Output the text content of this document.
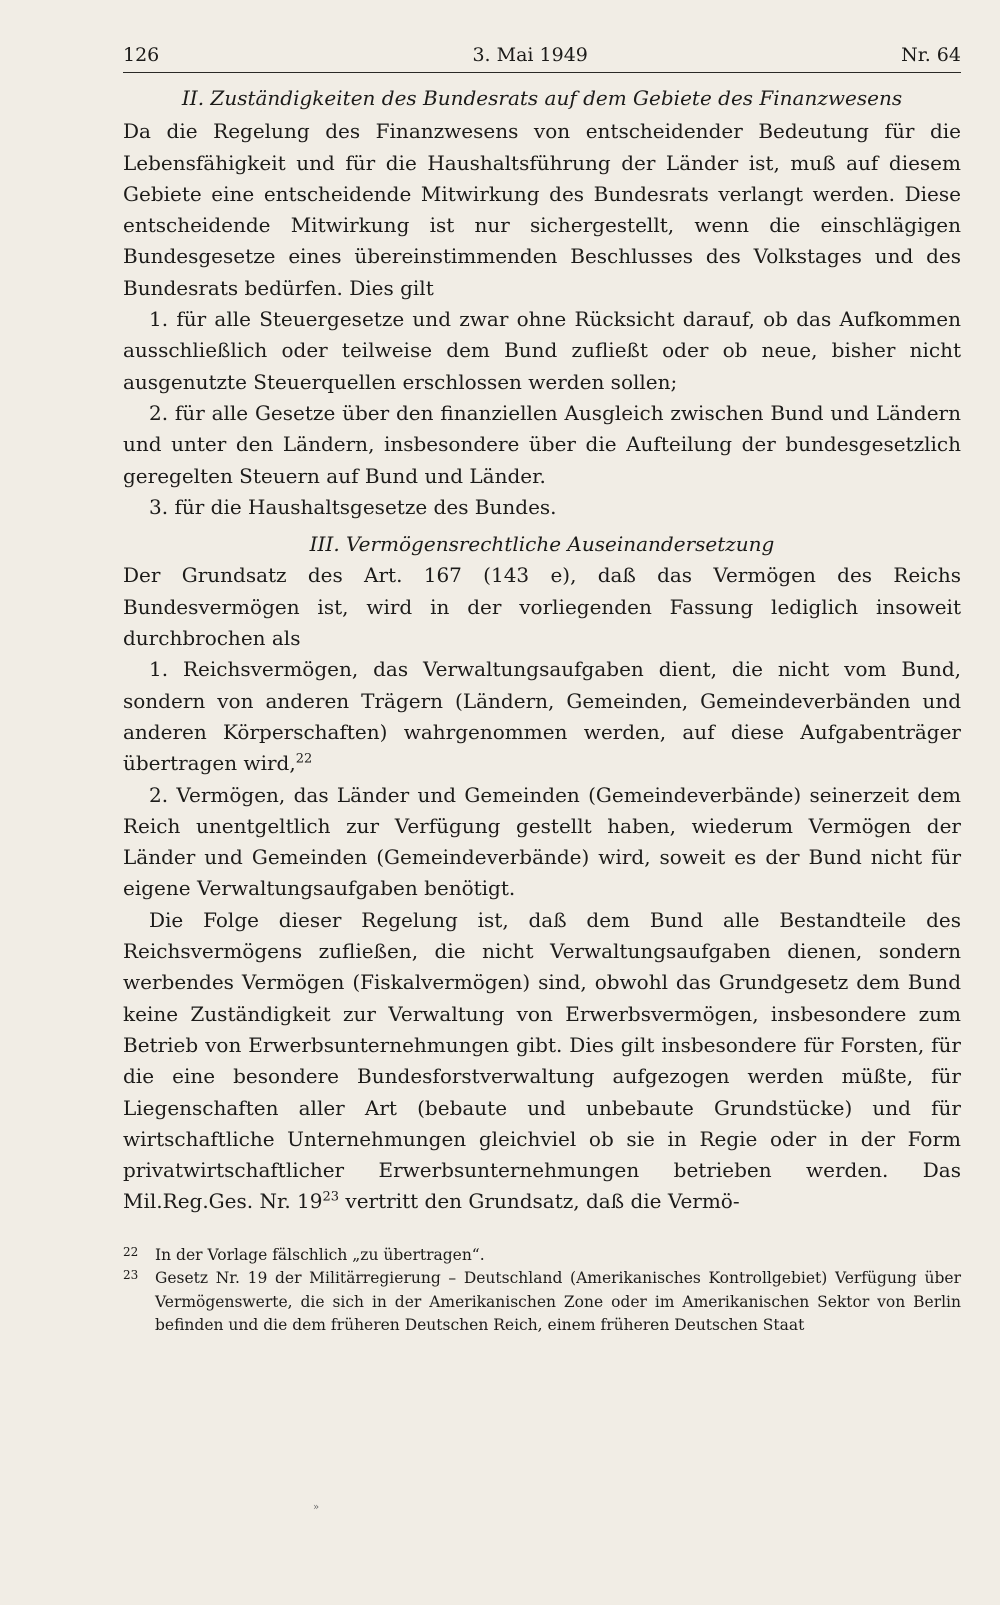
126	3. Mai 1949	Nr. 64
II. Zuständigkeiten des Bundesrats auf dem Gebiete des Finanzwesens

Da die Regelung des Finanzwesens von entscheidender Bedeutung für die Lebensfähigkeit und für die Haushaltsführung der Länder ist, muß auf diesem Gebiete eine entscheidende Mitwirkung des Bundesrats verlangt werden. Diese entscheidende Mitwirkung ist nur sichergestellt, wenn die einschlägigen Bundesgesetze eines übereinstimmenden Beschlusses des Volkstages und des Bundesrats bedürfen. Dies gilt

1. für alle Steuergesetze und zwar ohne Rücksicht darauf, ob das Aufkommen ausschließlich oder teilweise dem Bund zufließt oder ob neue, bisher nicht ausgenutzte Steuerquellen erschlossen werden sollen;

2. für alle Gesetze über den finanziellen Ausgleich zwischen Bund und Ländern und unter den Ländern, insbesondere über die Aufteilung der bundesgesetzlich geregelten Steuern auf Bund und Länder.

3. für die Haushaltsgesetze des Bundes.

III. Vermögensrechtliche Auseinandersetzung

Der Grundsatz des Art. 167 (143 e), daß das Vermögen des Reichs Bundesvermögen ist, wird in der vorliegenden Fassung lediglich insoweit durchbrochen als

1. Reichsvermögen, das Verwaltungsaufgaben dient, die nicht vom Bund, sondern von anderen Trägern (Ländern, Gemeinden, Gemeindeverbänden und anderen Körperschaften) wahrgenommen werden, auf diese Aufgabenträger übertragen wird,$^{22}$

2. Vermögen, das Länder und Gemeinden (Gemeindeverbände) seinerzeit dem Reich unentgeltlich zur Verfügung gestellt haben, wiederum Vermögen der Länder und Gemeinden (Gemeindeverbände) wird, soweit es der Bund nicht für eigene Verwaltungsaufgaben benötigt.

Die Folge dieser Regelung ist, daß dem Bund alle Bestandteile des Reichsvermögens zufließen, die nicht Verwaltungsaufgaben dienen, sondern werbendes Vermögen (Fiskalvermögen) sind, obwohl das Grundgesetz dem Bund keine Zuständigkeit zur Verwaltung von Erwerbsvermögen, insbesondere zum Betrieb von Erwerbsunternehmungen gibt. Dies gilt insbesondere für Forsten, für die eine besondere Bundesforstverwaltung aufgezogen werden müßte, für Liegenschaften aller Art (bebaute und unbebaute Grundstücke) und für wirtschaftliche Unternehmungen gleichviel ob sie in Regie oder in der Form privatwirtschaftlicher Erwerbsunternehmungen betrieben werden. Das Mil.Reg.Ges. Nr. $19^{23}$ vertritt den Grundsatz, daß die Vermö-

22	In der Vorlage fälschlich „zu übertragen“.
23	Gesetz Nr. 19 der Militärregierung – Deutschland (Amerikanisches Kontrollgebiet) Verfügung über Vermögenswerte, die sich in der Amerikanischen Zone oder im Amerikanischen Sektor von Berlin befinden und die dem früheren Deutschen Reich, einem früheren Deutschen Staat
»
